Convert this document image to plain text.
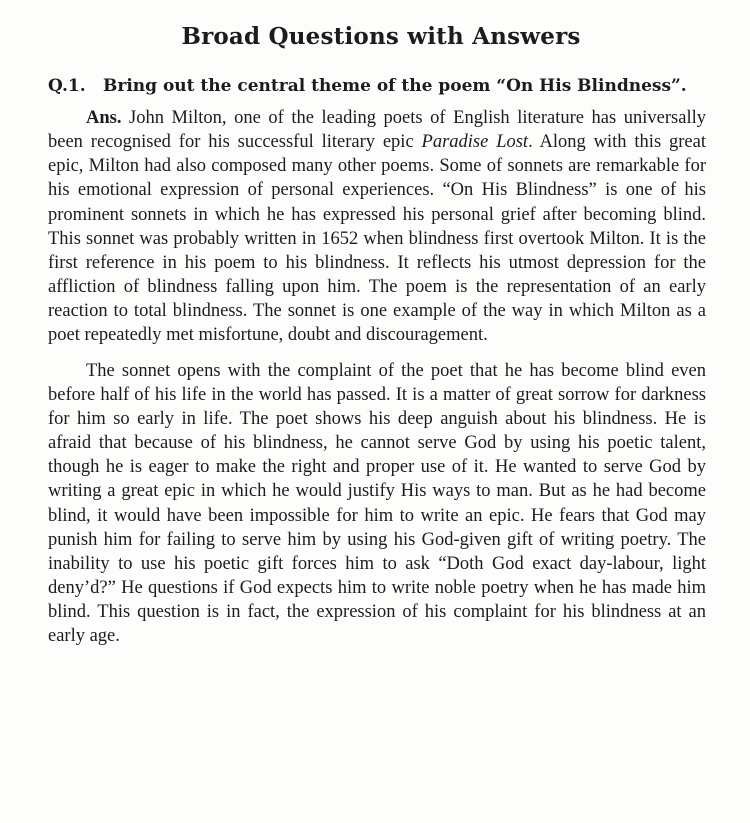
Broad Questions with Answers

Q.1. Bring out the central theme of the poem “On His Blindness”.

Ans. John Milton, one of the leading poets of English literature has universally been recognised for his successful literary epic Paradise Lost. Along with this great epic, Milton had also composed many other poems. Some of sonnets are remarkable for his emotional expression of personal experiences. “On His Blindness” is one of his prominent sonnets in which he has expressed his personal grief after becoming blind. This sonnet was probably written in 1652 when blindness first overtook Milton. It is the first reference in his poem to his blindness. It reflects his utmost depression for the affliction of blindness falling upon him. The poem is the representation of an early reaction to total blindness. The sonnet is one example of the way in which Milton as a poet repeatedly met misfortune, doubt and discouragement.

The sonnet opens with the complaint of the poet that he has become blind even before half of his life in the world has passed. It is a matter of great sorrow for darkness for him so early in life. The poet shows his deep anguish about his blindness. He is afraid that because of his blindness, he cannot serve God by using his poetic talent, though he is eager to make the right and proper use of it. He wanted to serve God by writing a great epic in which he would justify His ways to man. But as he had become blind, it would have been impossible for him to write an epic. He fears that God may punish him for failing to serve him by using his God-given gift of writing poetry. The inability to use his poetic gift forces him to ask “Doth God exact day-labour, light deny’d?” He questions if God expects him to write noble poetry when he has made him blind. This question is in fact, the expression of his complaint for his blindness at an early age.
